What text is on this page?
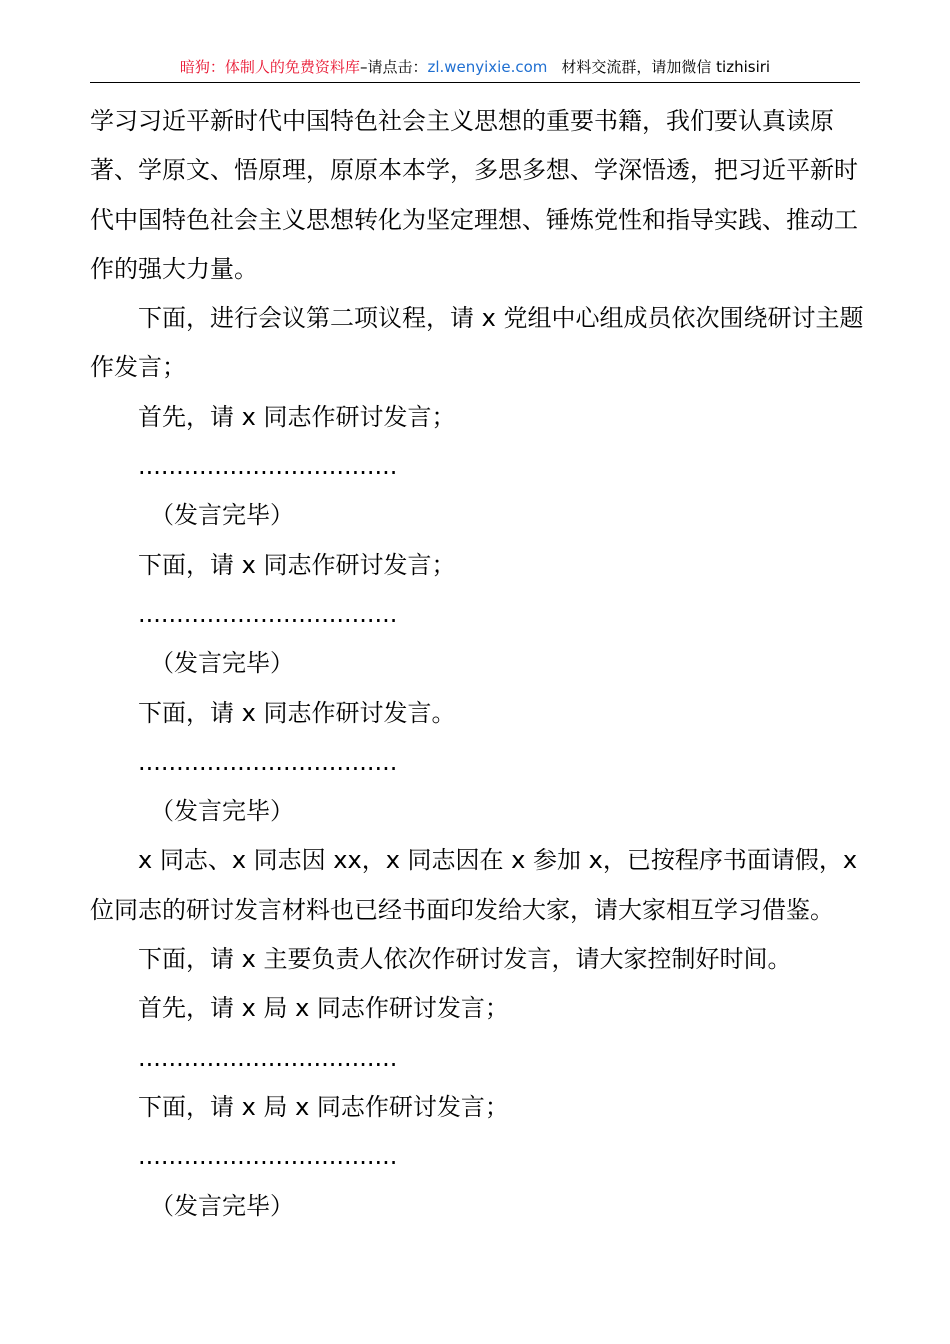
暗狗：体制人的免费资料库–请点击：zl.wenyixie.com 材料交流群，请加微信 tizhisiri

学习习近平新时代中国特色社会主义思想的重要书籍，我们要认真读原著、学原文、悟原理，原原本本学，多思多想、学深悟透，把习近平新时代中国特色社会主义思想转化为坚定理想、锤炼党性和指导实践、推动工作的强大力量。

下面，进行会议第二项议程，请 x 党组中心组成员依次围绕研讨主题作发言；

首先，请 x 同志作研讨发言；

..................................

（发言完毕）

下面，请 x 同志作研讨发言；

..................................

（发言完毕）

下面，请 x 同志作研讨发言。

..................................

（发言完毕）

x 同志、x 同志因 xx，x 同志因在 x 参加 x，已按程序书面请假，x 位同志的研讨发言材料也已经书面印发给大家，请大家相互学习借鉴。

下面，请 x 主要负责人依次作研讨发言，请大家控制好时间。

首先，请 x 局 x 同志作研讨发言；

..................................

下面，请 x 局 x 同志作研讨发言；

..................................

（发言完毕）
